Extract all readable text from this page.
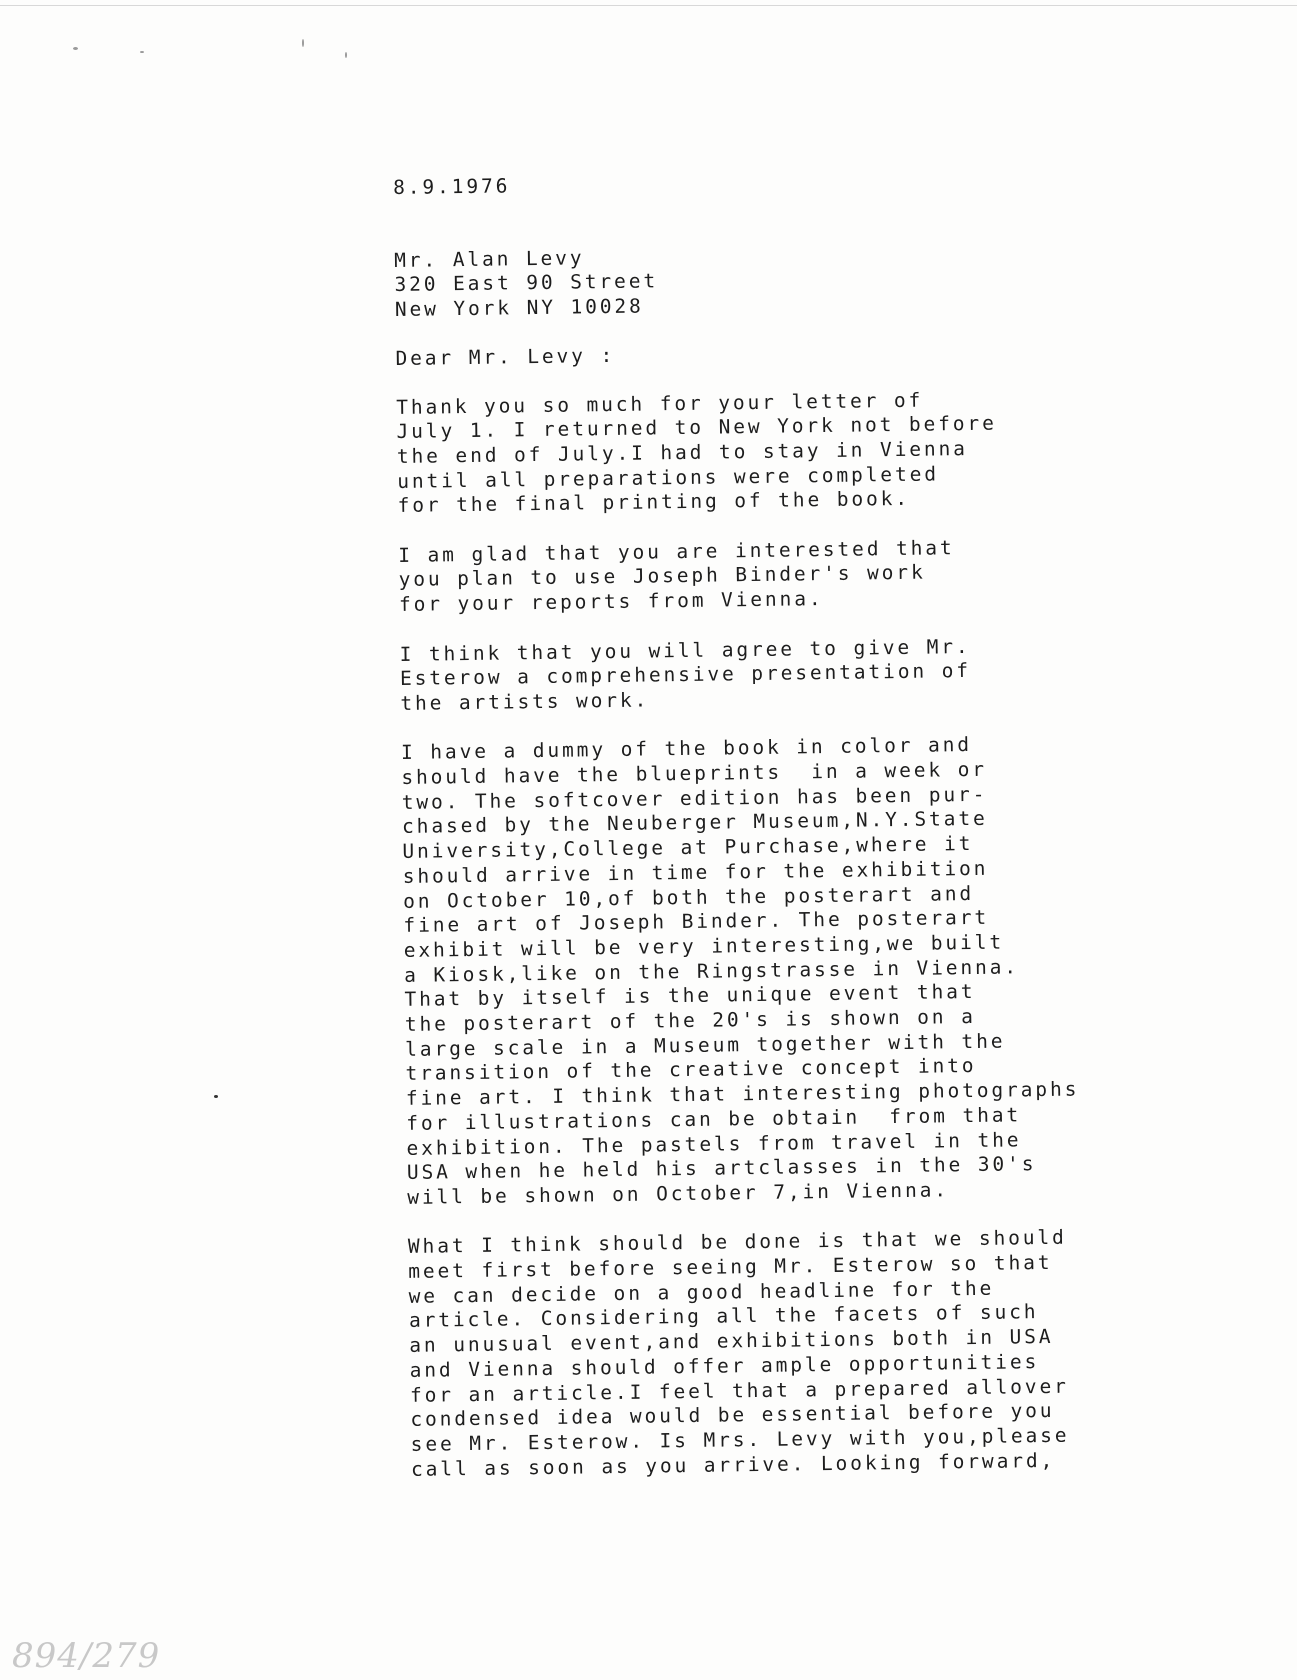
8.9.1976

Mr. Alan Levy
320 East 90 Street
New York NY 10028

Dear Mr. Levy :

Thank you so much for your letter of
July 1. I returned to New York not before
the end of July.I had to stay in Vienna
until all preparations were completed
for the final printing of the book.

I am glad that you are interested that
you plan to use Joseph Binder's work
for your reports from Vienna.

I think that you will agree to give Mr.
Esterow a comprehensive presentation of
the artists work.

I have a dummy of the book in color and
should have the blueprints  in a week or
two. The softcover edition has been pur-
chased by the Neuberger Museum,N.Y.State
University,College at Purchase,where it
should arrive in time for the exhibition
on October 10,of both the posterart and
fine art of Joseph Binder. The posterart
exhibit will be very interesting,we built
a Kiosk,like on the Ringstrasse in Vienna.
That by itself is the unique event that
the posterart of the 20's is shown on a
large scale in a Museum together with the
transition of the creative concept into
fine art. I think that interesting photographs
for illustrations can be obtain  from that
exhibition. The pastels from travel in the
USA when he held his artclasses in the 30's
will be shown on October 7,in Vienna.

What I think should be done is that we should
meet first before seeing Mr. Esterow so that
we can decide on a good headline for the
article. Considering all the facets of such
an unusual event,and exhibitions both in USA
and Vienna should offer ample opportunities
for an article.I feel that a prepared allover
condensed idea would be essential before you
see Mr. Esterow. Is Mrs. Levy with you,please
call as soon as you arrive. Looking forward,

894/279
